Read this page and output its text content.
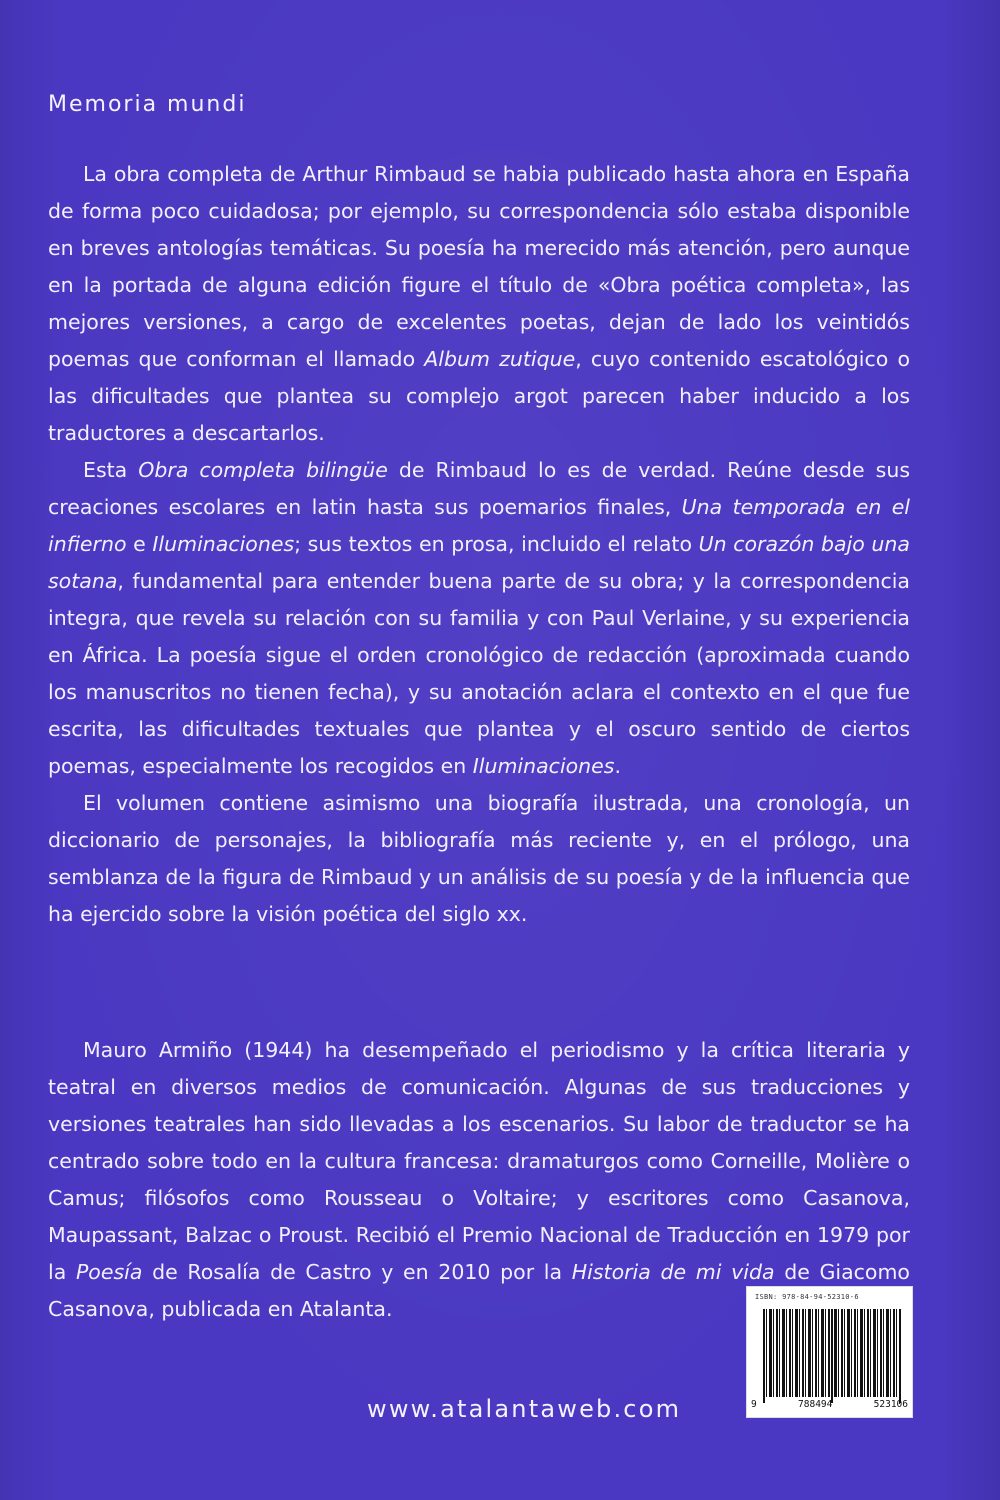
Memoria mundi

La obra completa de Arthur Rimbaud se habia publicado hasta ahora en España de forma poco cuidadosa; por ejemplo, su correspondencia sólo estaba disponible en breves antologías temáticas. Su poesía ha merecido más atención, pero aunque en la portada de alguna edición figure el título de «Obra poética completa», las mejores versiones, a cargo de excelentes poetas, dejan de lado los veintidós poemas que conforman el llamado Album zutique, cuyo contenido escatológico o las dificultades que plantea su complejo argot parecen haber inducido a los traductores a descartarlos.

Esta Obra completa bilingüe de Rimbaud lo es de verdad. Reúne desde sus creaciones escolares en latin hasta sus poemarios finales, Una temporada en el infierno e Iluminaciones; sus textos en prosa, incluido el relato Un corazón bajo una sotana, fundamental para entender buena parte de su obra; y la correspondencia integra, que revela su relación con su familia y con Paul Verlaine, y su experiencia en África. La poesía sigue el orden cronológico de redacción (aproximada cuando los manuscritos no tienen fecha), y su anotación aclara el contexto en el que fue escrita, las dificultades textuales que plantea y el oscuro sentido de ciertos poemas, especialmente los recogidos en Iluminaciones.

El volumen contiene asimismo una biografía ilustrada, una cronología, un diccionario de personajes, la bibliografía más reciente y, en el prólogo, una semblanza de la figura de Rimbaud y un análisis de su poesía y de la influencia que ha ejercido sobre la visión poética del siglo xx.

Mauro Armiño (1944) ha desempeñado el periodismo y la crítica literaria y teatral en diversos medios de comunicación. Algunas de sus traducciones y versiones teatrales han sido llevadas a los escenarios. Su labor de traductor se ha centrado sobre todo en la cultura francesa: dramaturgos como Corneille, Molière o Camus; filósofos como Rousseau o Voltaire; y escritores como Casanova, Maupassant, Balzac o Proust. Recibió el Premio Nacional de Traducción en 1979 por la Poesía de Rosalía de Castro y en 2010 por la Historia de mi vida de Giacomo Casanova, publicada en Atalanta.	ISBN: 978-84-94-52310-6
9	788494	523106
www.atalantaweb.com
